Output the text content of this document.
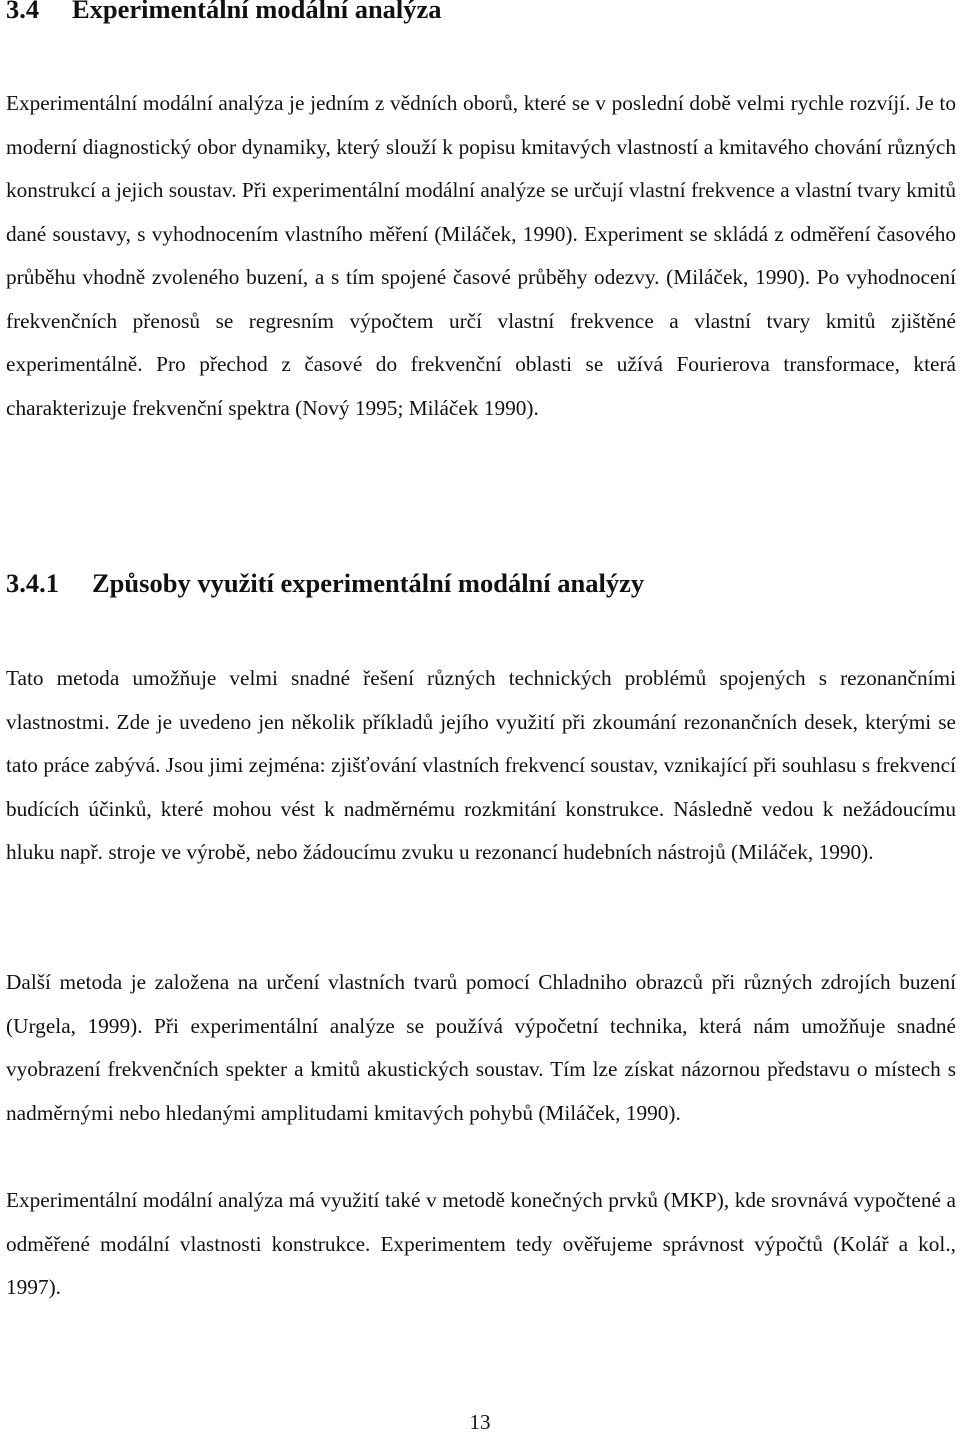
3.4 Experimentální modální analýza

Experimentální modální analýza je jedním z vědních oborů, které se v poslední době velmi rychle rozvíjí. Je to moderní diagnostický obor dynamiky, který slouží k popisu kmitavých vlastností a kmitavého chování různých konstrukcí a jejich soustav. Při experimentální modální analýze se určují vlastní frekvence a vlastní tvary kmitů dané soustavy, s vyhodnocením vlastního měření (Miláček, 1990). Experiment se skládá z odměření časového průběhu vhodně zvoleného buzení, a s tím spojené časové průběhy odezvy. (Miláček, 1990). Po vyhodnocení frekvenčních přenosů se regresním výpočtem určí vlastní frekvence a vlastní tvary kmitů zjištěné experimentálně. Pro přechod z časové do frekvenční oblasti se užívá Fourierova transformace, která charakterizuje frekvenční spektra (Nový 1995; Miláček 1990).

3.4.1 Způsoby využití experimentální modální analýzy

Tato metoda umožňuje velmi snadné řešení různých technických problémů spojených s rezonančními vlastnostmi. Zde je uvedeno jen několik příkladů jejího využití při zkoumání rezonančních desek, kterými se tato práce zabývá. Jsou jimi zejména: zjišťování vlastních frekvencí soustav, vznikající při souhlasu s frekvencí budících účinků, které mohou vést k nadměrnému rozkmitání konstrukce. Následně vedou k nežádoucímu hluku např. stroje ve výrobě, nebo žádoucímu zvuku u rezonancí hudebních nástrojů (Miláček, 1990).

Další metoda je založena na určení vlastních tvarů pomocí Chladniho obrazců při různých zdrojích buzení (Urgela, 1999). Při experimentální analýze se používá výpočetní technika, která nám umožňuje snadné vyobrazení frekvenčních spekter a kmitů akustických soustav. Tím lze získat názornou představu o místech s nadměrnými nebo hledanými amplitudami kmitavých pohybů (Miláček, 1990).

Experimentální modální analýza má využití také v metodě konečných prvků (MKP), kde srovnává vypočtené a odměřené modální vlastnosti konstrukce. Experimentem tedy ověřujeme správnost výpočtů (Kolář a kol., 1997).

13
